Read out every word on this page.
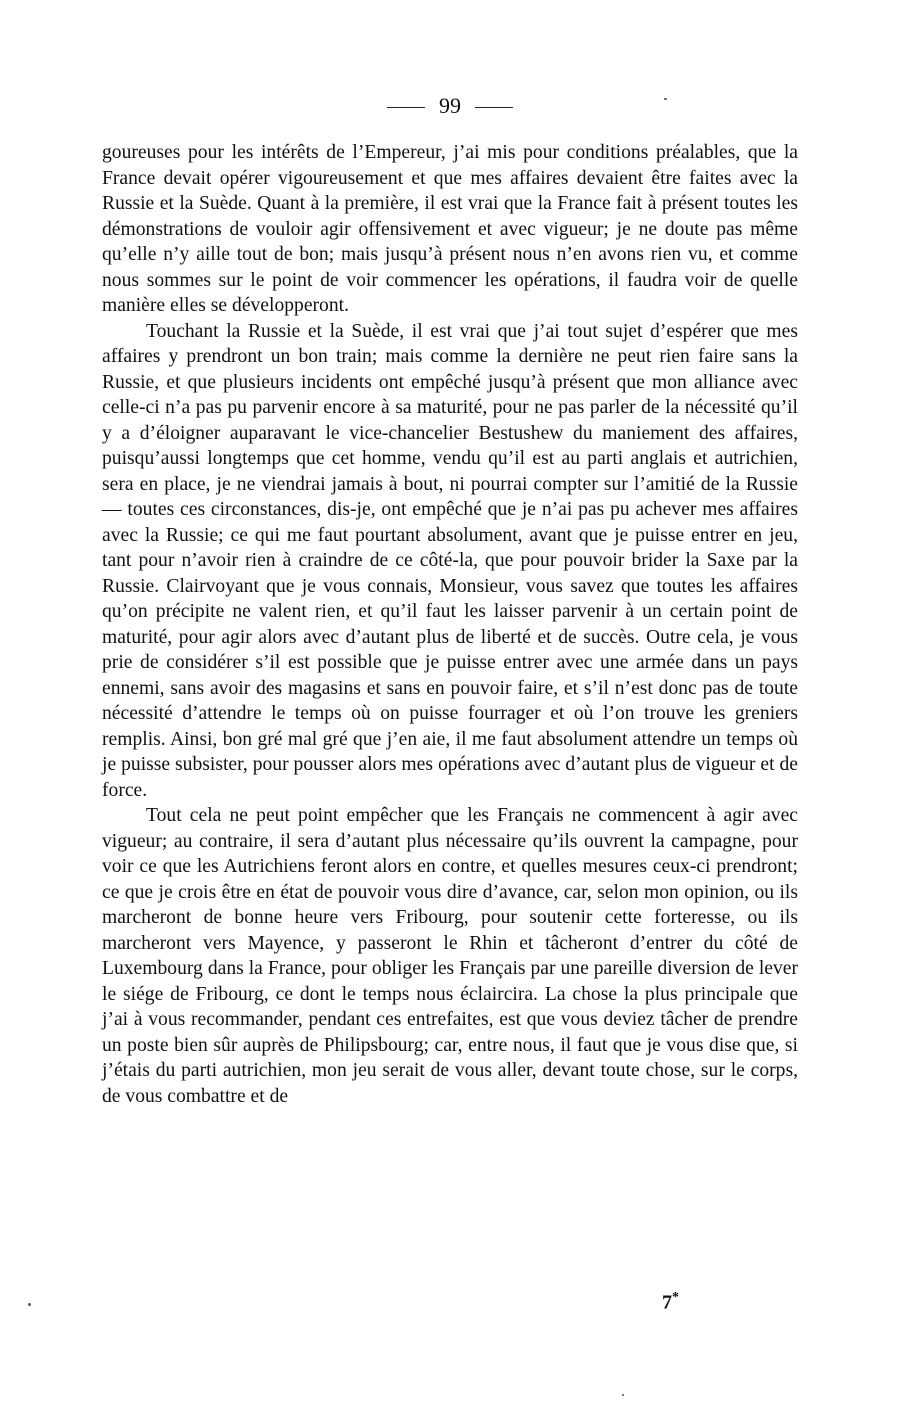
99

goureuses pour les intérêts de l’Empereur, j’ai mis pour conditions préalables, que la France devait opérer vigoureusement et que mes affaires devaient être faites avec la Russie et la Suède. Quant à la première, il est vrai que la France fait à présent toutes les démonstrations de vouloir agir offensivement et avec vigueur; je ne doute pas même qu’elle n’y aille tout de bon; mais jusqu’à présent nous n’en avons rien vu, et comme nous sommes sur le point de voir commencer les opérations, il faudra voir de quelle manière elles se développeront.

Touchant la Russie et la Suède, il est vrai que j’ai tout sujet d’espérer que mes affaires y prendront un bon train; mais comme la dernière ne peut rien faire sans la Russie, et que plusieurs incidents ont empêché jusqu’à présent que mon alliance avec celle-ci n’a pas pu parvenir encore à sa maturité, pour ne pas parler de la nécessité qu’il y a d’éloigner auparavant le vice-chancelier Bestushew du maniement des affaires, puisqu’aussi longtemps que cet homme, vendu qu’il est au parti anglais et autrichien, sera en place, je ne viendrai jamais à bout, ni pourrai compter sur l’amitié de la Russie — toutes ces circonstances, dis-je, ont empêché que je n’ai pas pu achever mes affaires avec la Russie; ce qui me faut pourtant absolument, avant que je puisse entrer en jeu, tant pour n’avoir rien à craindre de ce côté-la, que pour pouvoir brider la Saxe par la Russie. Clairvoyant que je vous connais, Monsieur, vous savez que toutes les affaires qu’on précipite ne valent rien, et qu’il faut les laisser parvenir à un certain point de maturité, pour agir alors avec d’autant plus de liberté et de succès. Outre cela, je vous prie de considérer s’il est possible que je puisse entrer avec une armée dans un pays ennemi, sans avoir des magasins et sans en pouvoir faire, et s’il n’est donc pas de toute nécessité d’attendre le temps où on puisse fourrager et où l’on trouve les greniers remplis. Ainsi, bon gré mal gré que j’en aie, il me faut absolument attendre un temps où je puisse subsister, pour pousser alors mes opérations avec d’autant plus de vigueur et de force.

Tout cela ne peut point empêcher que les Français ne commencent à agir avec vigueur; au contraire, il sera d’autant plus nécessaire qu’ils ouvrent la campagne, pour voir ce que les Autrichiens feront alors en contre, et quelles mesures ceux-ci prendront; ce que je crois être en état de pouvoir vous dire d’avance, car, selon mon opinion, ou ils marcheront de bonne heure vers Fribourg, pour soutenir cette forteresse, ou ils marcheront vers Mayence, y passeront le Rhin et tâcheront d’entrer du côté de Luxembourg dans la France, pour obliger les Français par une pareille diversion de lever le siége de Fribourg, ce dont le temps nous éclaircira. La chose la plus principale que j’ai à vous recommander, pendant ces entrefaites, est que vous deviez tâcher de prendre un poste bien sûr auprès de Philipsbourg; car, entre nous, il faut que je vous dise que, si j’étais du parti autrichien, mon jeu serait de vous aller, devant toute chose, sur le corps, de vous combattre et de

7*
